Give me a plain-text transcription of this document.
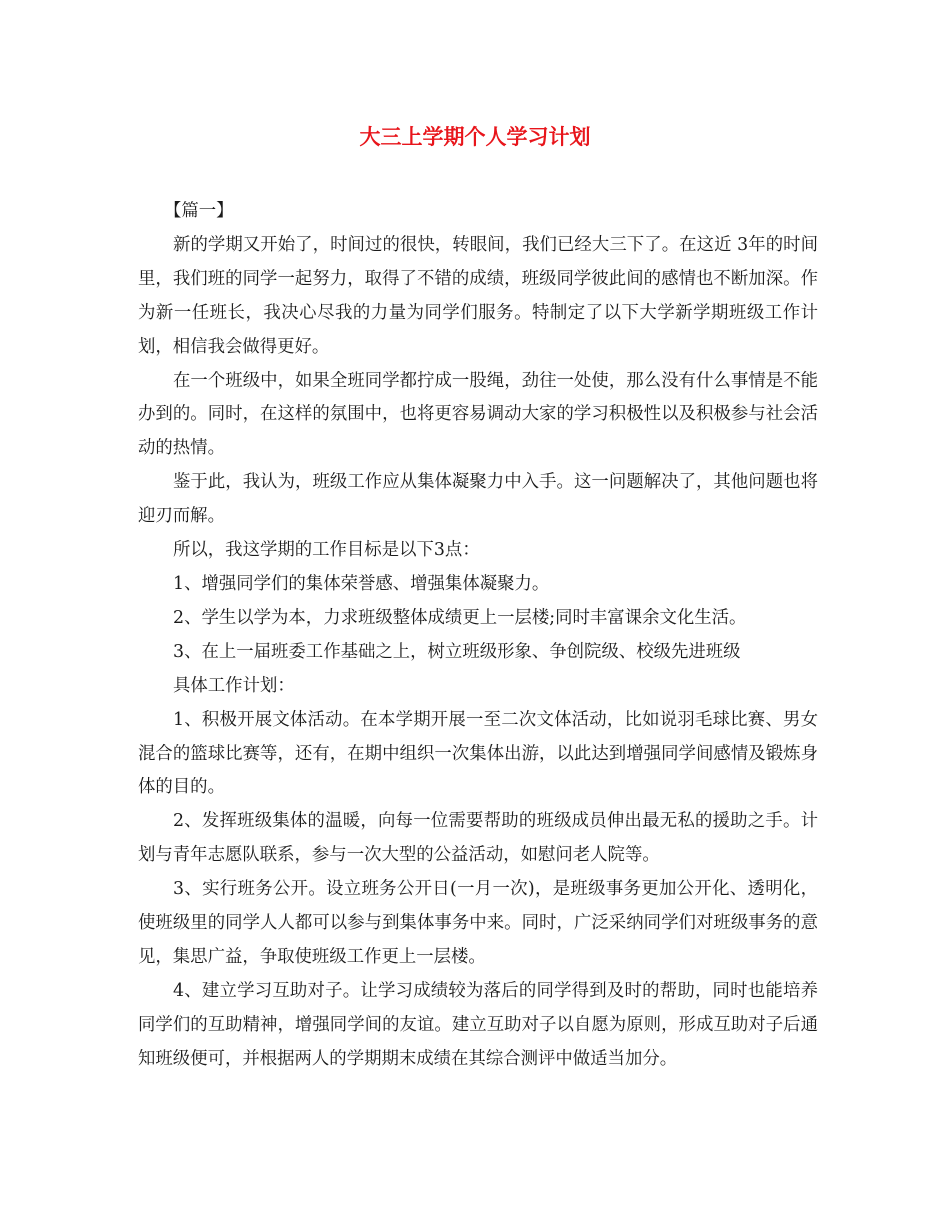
大三上学期个人学习计划

【篇一】

新的学期又开始了，时间过的很快，转眼间，我们已经大三下了。在这近 3年的时间里，我们班的同学一起努力，取得了不错的成绩，班级同学彼此间的感情也不断加深。作为新一任班长，我决心尽我的力量为同学们服务。特制定了以下大学新学期班级工作计划，相信我会做得更好。

在一个班级中，如果全班同学都拧成一股绳，劲往一处使，那么没有什么事情是不能办到的。同时，在这样的氛围中，也将更容易调动大家的学习积极性以及积极参与社会活动的热情。

鉴于此，我认为，班级工作应从集体凝聚力中入手。这一问题解决了，其他问题也将迎刃而解。

所以，我这学期的工作目标是以下3点：

1、增强同学们的集体荣誉感、增强集体凝聚力。

2、学生以学为本，力求班级整体成绩更上一层楼;同时丰富课余文化生活。

3、在上一届班委工作基础之上，树立班级形象、争创院级、校级先进班级

具体工作计划：

1、积极开展文体活动。在本学期开展一至二次文体活动，比如说羽毛球比赛、男女混合的篮球比赛等，还有，在期中组织一次集体出游，以此达到增强同学间感情及锻炼身体的目的。

2、发挥班级集体的温暖，向每一位需要帮助的班级成员伸出最无私的援助之手。计划与青年志愿队联系，参与一次大型的公益活动，如慰问老人院等。

3、实行班务公开。设立班务公开日(一月一次)，是班级事务更加公开化、透明化，使班级里的同学人人都可以参与到集体事务中来。同时，广泛采纳同学们对班级事务的意见，集思广益，争取使班级工作更上一层楼。

4、建立学习互助对子。让学习成绩较为落后的同学得到及时的帮助，同时也能培养同学们的互助精神，增强同学间的友谊。建立互助对子以自愿为原则，形成互助对子后通知班级便可，并根据两人的学期期末成绩在其综合测评中做适当加分。
